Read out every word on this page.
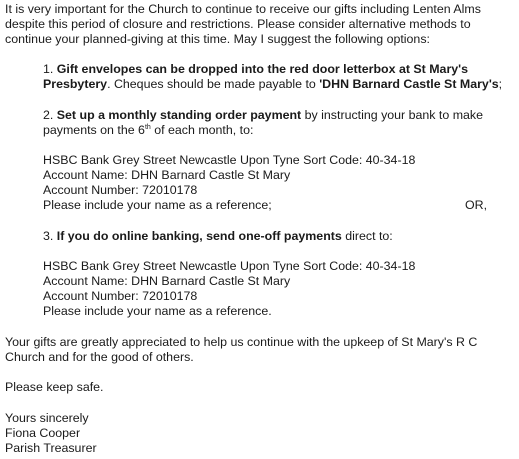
It is very important for the Church to continue to receive our gifts including Lenten Alms
despite this period of closure and restrictions. Please consider alternative methods to
continue your planned-giving at this time. May I suggest the following options:
1. Gift envelopes can be dropped into the red door letterbox at St Mary's
Presbytery. Cheques should be made payable to 'DHN Barnard Castle St Mary's;
2. Set up a monthly standing order payment by instructing your bank to make
payments on the 6th of each month, to:
HSBC Bank Grey Street Newcastle Upon Tyne Sort Code: 40-34-18
Account Name: DHN Barnard Castle St Mary
Account Number: 72010178
Please include your name as a reference;	OR,
3. If you do online banking, send one-off payments direct to:
HSBC Bank Grey Street Newcastle Upon Tyne Sort Code: 40-34-18
Account Name: DHN Barnard Castle St Mary
Account Number: 72010178
Please include your name as a reference.
Your gifts are greatly appreciated to help us continue with the upkeep of St Mary's R C
Church and for the good of others.
Please keep safe.
Yours sincerely
Fiona Cooper
Parish Treasurer
